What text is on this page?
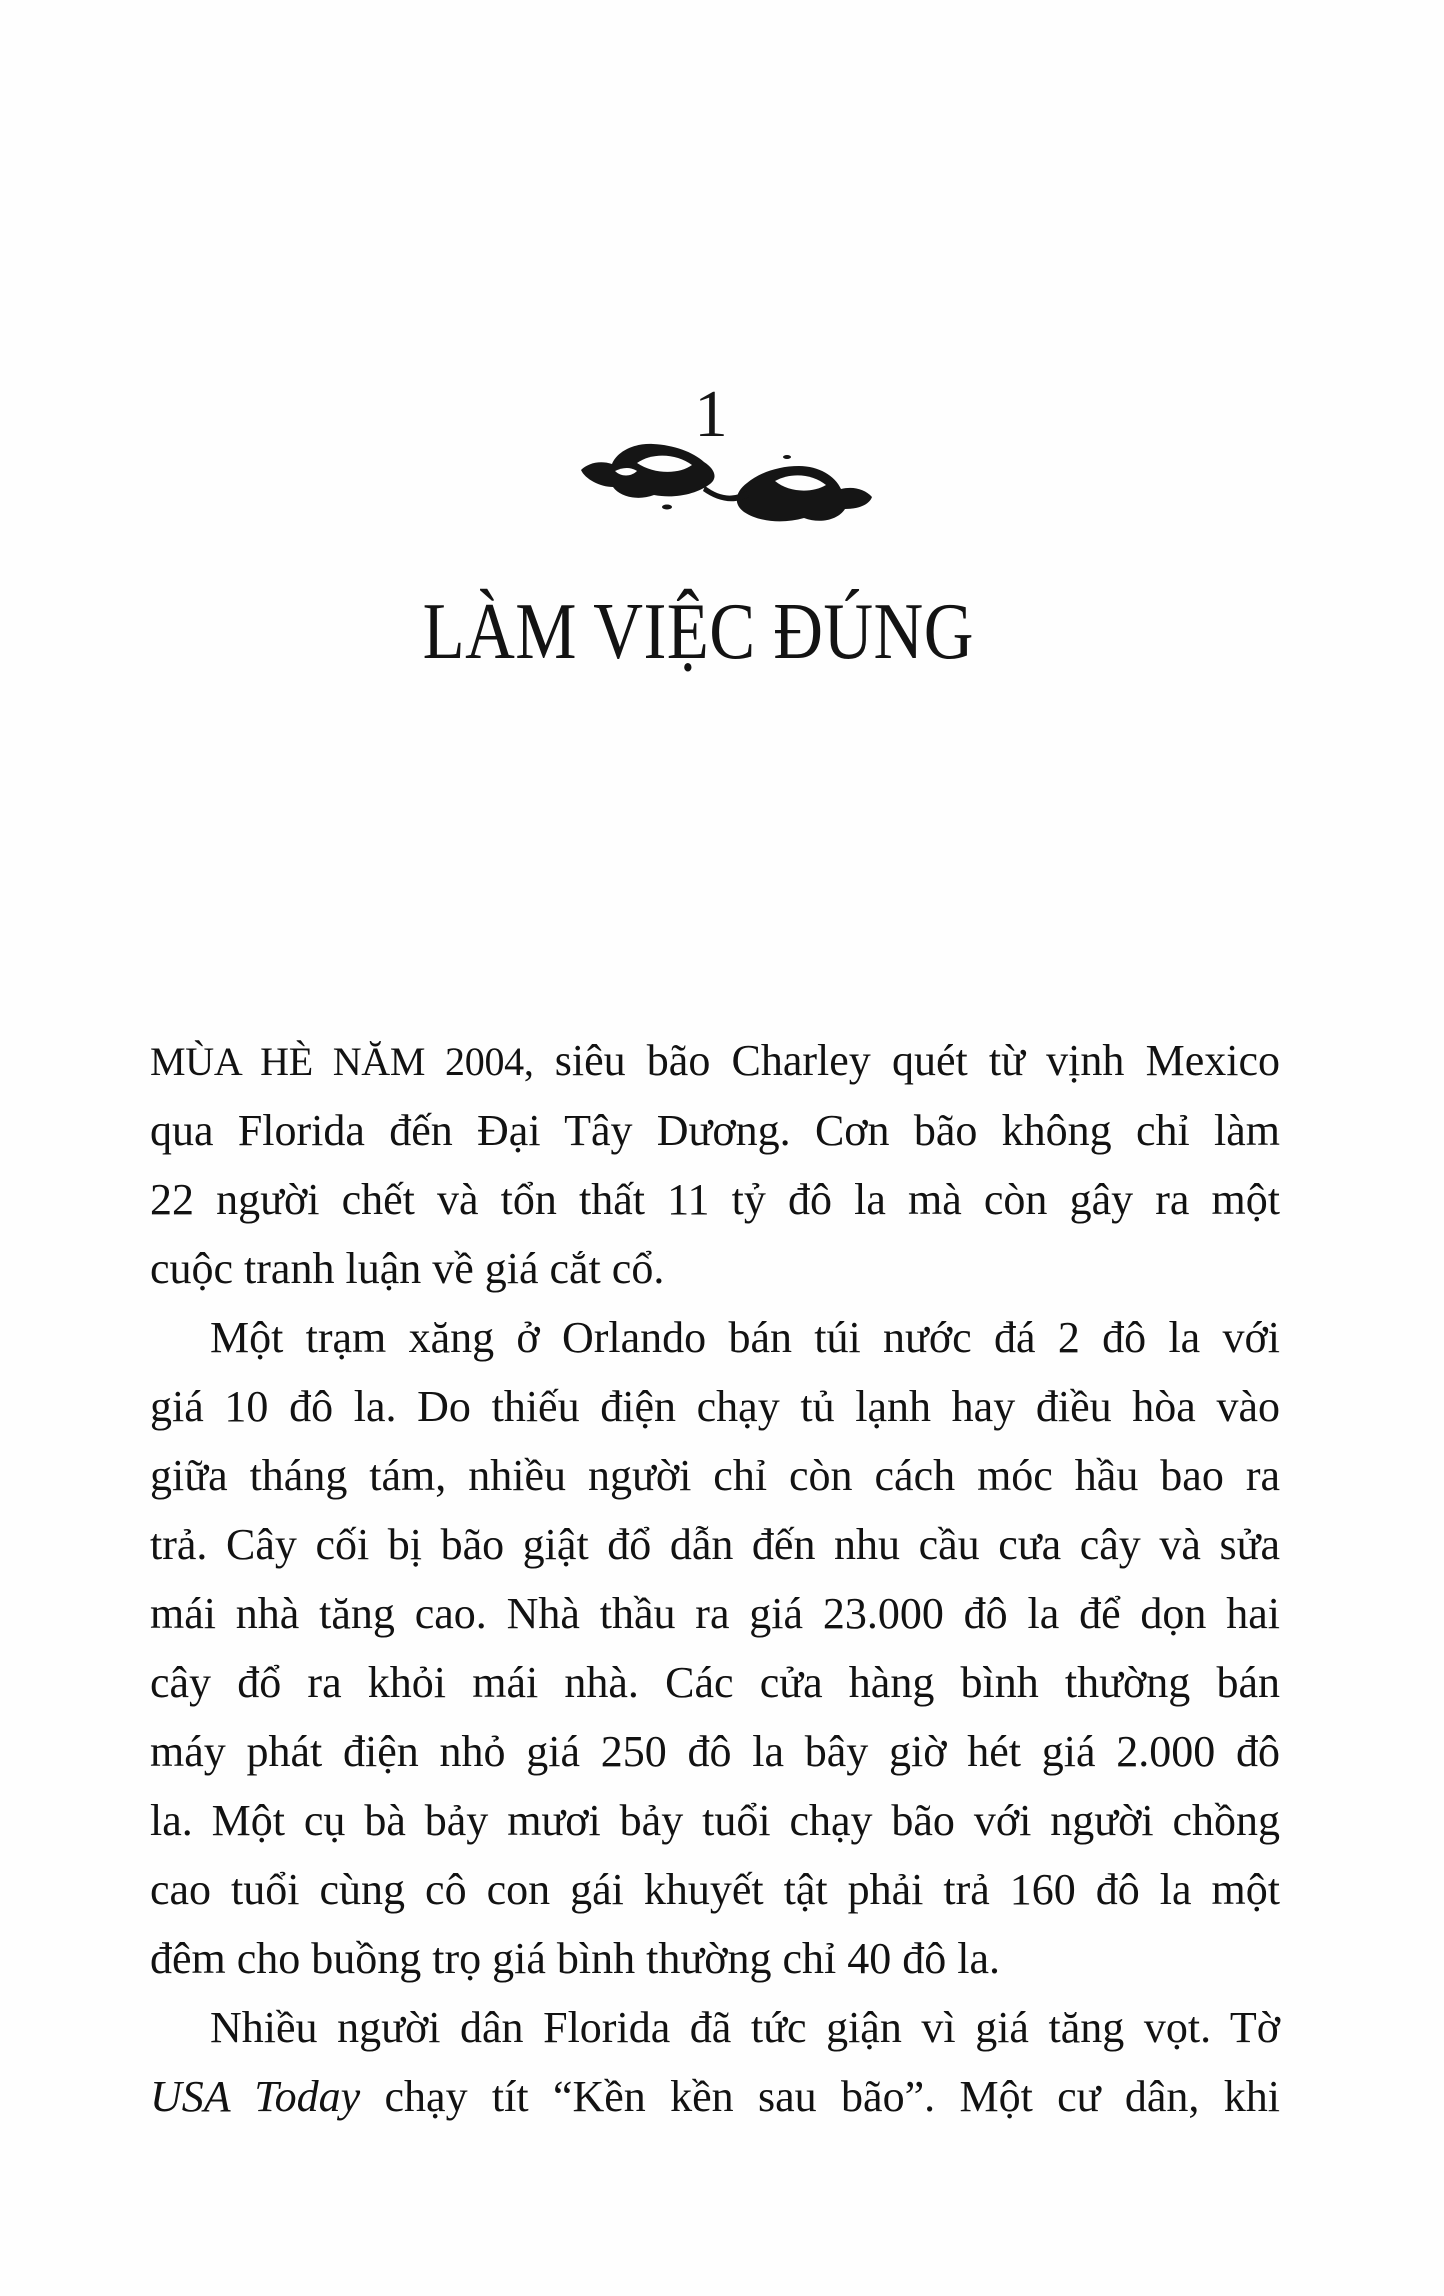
1
LÀM VIỆC ĐÚNG
MÙA HÈ NĂM 2004, siêu bão Charley quét từ vịnh Mexico
qua Florida đến Đại Tây Dương. Cơn bão không chỉ làm
22 người chết và tổn thất 11 tỷ đô la mà còn gây ra một
cuộc tranh luận về giá cắt cổ.
Một trạm xăng ở Orlando bán túi nước đá 2 đô la với
giá 10 đô la. Do thiếu điện chạy tủ lạnh hay điều hòa vào
giữa tháng tám, nhiều người chỉ còn cách móc hầu bao ra
trả. Cây cối bị bão giật đổ dẫn đến nhu cầu cưa cây và sửa
mái nhà tăng cao. Nhà thầu ra giá 23.000 đô la để dọn hai
cây đổ ra khỏi mái nhà. Các cửa hàng bình thường bán
máy phát điện nhỏ giá 250 đô la bây giờ hét giá 2.000 đô
la. Một cụ bà bảy mươi bảy tuổi chạy bão với người chồng
cao tuổi cùng cô con gái khuyết tật phải trả 160 đô la một
đêm cho buồng trọ giá bình thường chỉ 40 đô la.
Nhiều người dân Florida đã tức giận vì giá tăng vọt. Tờ
USA Today chạy tít “Kền kền sau bão”. Một cư dân, khi
